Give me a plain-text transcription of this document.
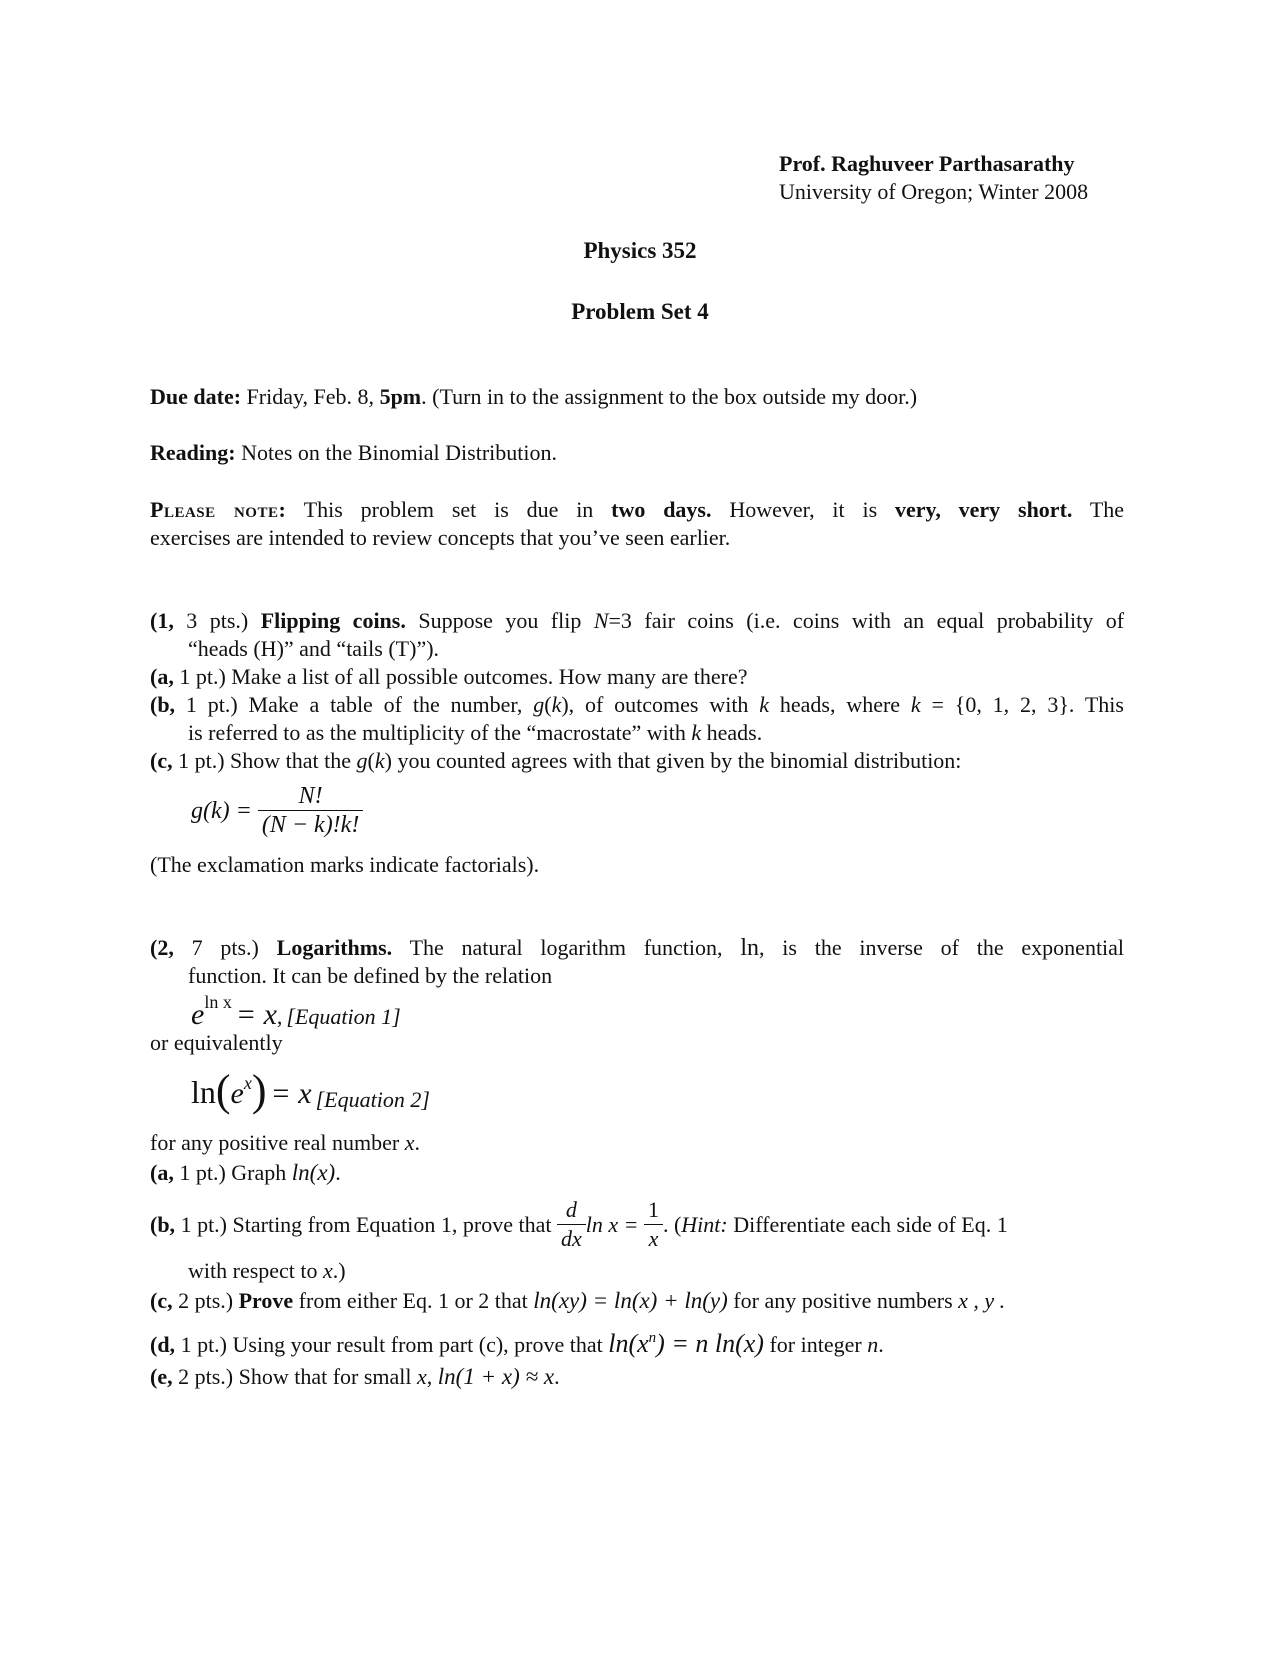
Prof. Raghuveer Parthasarathy
University of Oregon; Winter 2008
Physics 352
Problem Set 4
Due date: Friday, Feb. 8, 5pm. (Turn in to the assignment to the box outside my door.)
Reading: Notes on the Binomial Distribution.
Please note: This problem set is due in two days. However, it is very, very short. The
exercises are intended to review concepts that you’ve seen earlier.
(1, 3 pts.) Flipping coins. Suppose you flip N=3 fair coins (i.e. coins with an equal probability of
“heads (H)” and “tails (T)”).
(a, 1 pt.) Make a list of all possible outcomes. How many are there?
(b, 1 pt.) Make a table of the number, g(k), of outcomes with k heads, where k = {0, 1, 2, 3}. This
is referred to as the multiplicity of the “macrostate” with k heads.
(c, 1 pt.) Show that the g(k) you counted agrees with that given by the binomial distribution:
$g(k) = \frac{N!}{(N - k)!k!}$
(The exclamation marks indicate factorials).
(2, 7 pts.) Logarithms. The natural logarithm function, ln, is the inverse of the exponential
function. It can be defined by the relation
eln x = x, [Equation 1]
or equivalently
ln(ex) = x [Equation 2]
for any positive real number x.
(a, 1 pt.) Graph ln(x).
(b, 1 pt.) Starting from Equation 1, prove that $\frac{d}{dx}$ $\ln x = \frac{1}{x}$ . (Hint: Differentiate each side of Eq. 1
with respect to x.)
(c, 2 pts.) Prove from either Eq. 1 or 2 that ln(xy) = ln(x) + ln(y) for any positive numbers x , y .
(d, 1 pt.) Using your result from part (c), prove that $\ln(x^n) = n$ ln(x) for integer n.
(e, 2 pts.) Show that for small x, ln(1 + x) ≈ x.
